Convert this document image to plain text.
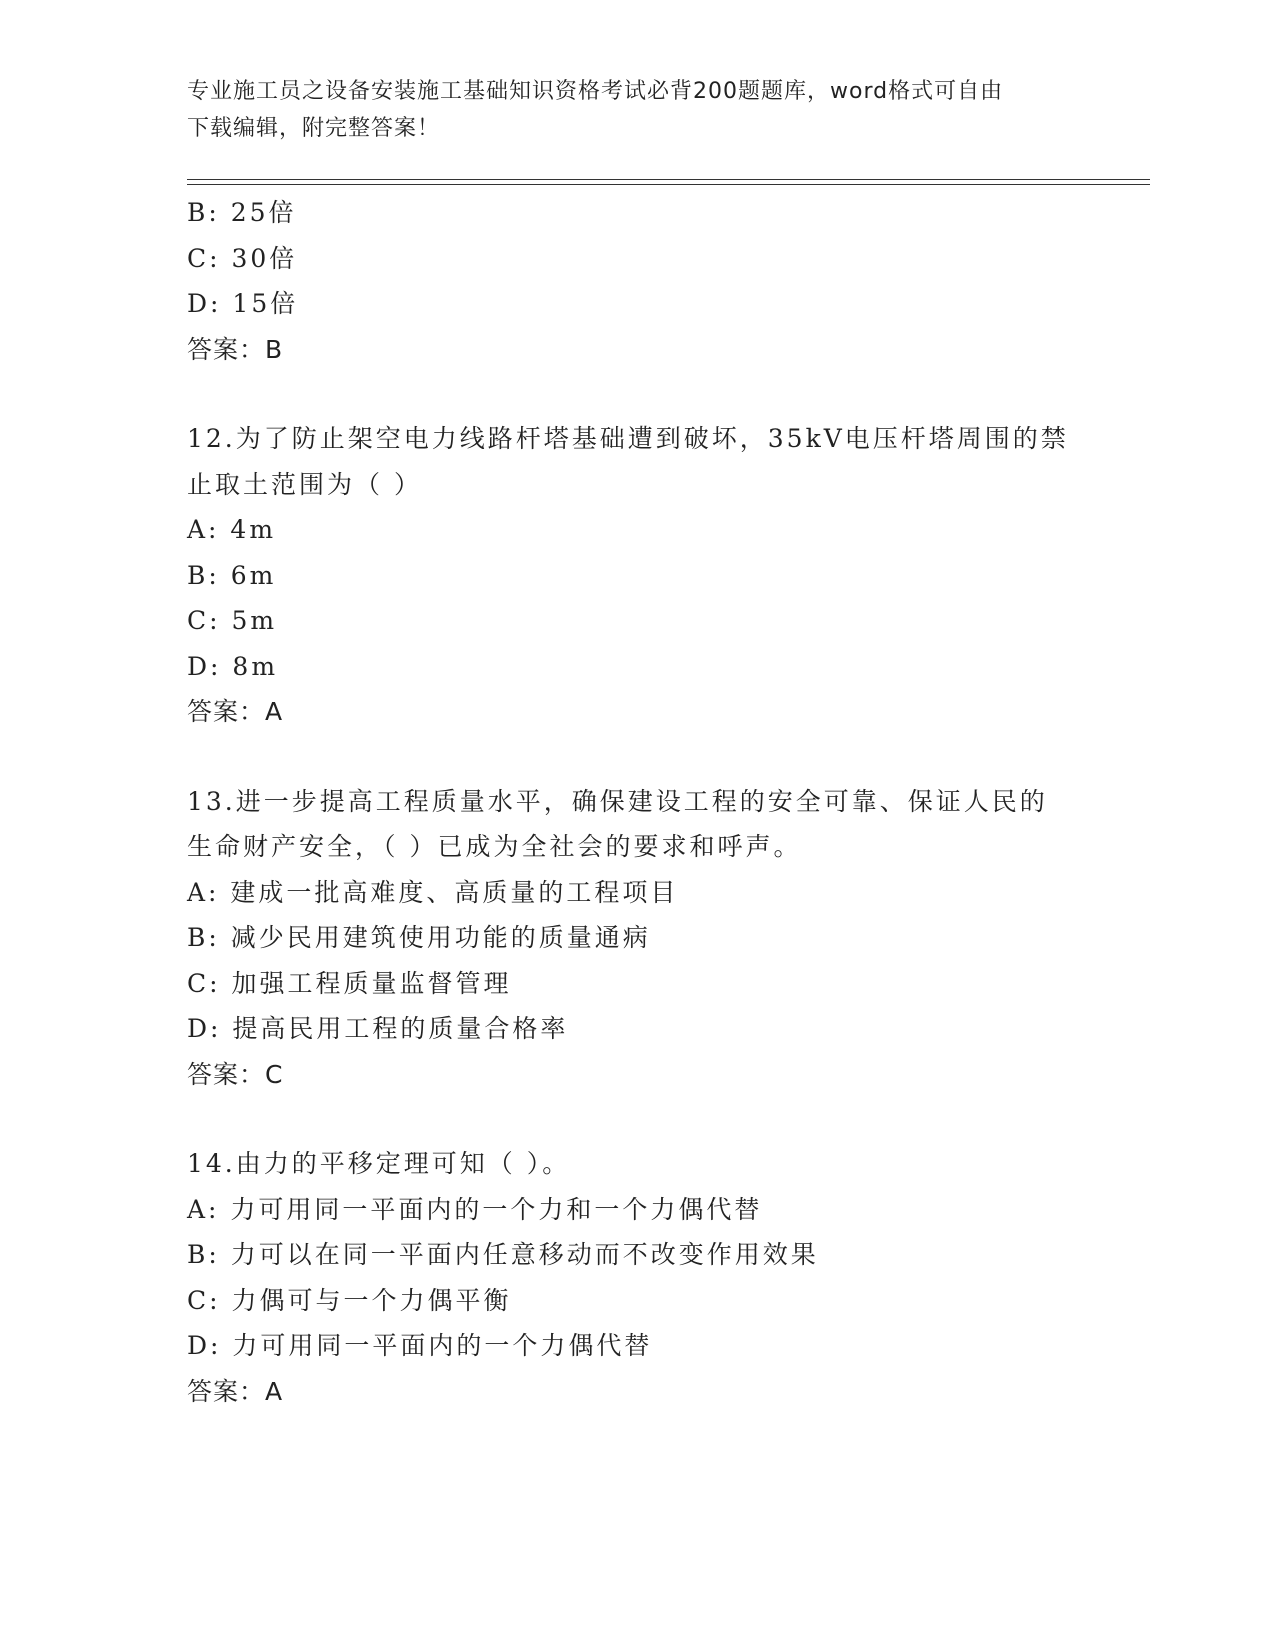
专业施工员之设备安装施工基础知识资格考试必背200题题库，word格式可自由
下载编辑，附完整答案！
B: 25倍
C: 30倍
D: 15倍
答案：B
12.为了防止架空电力线路杆塔基础遭到破坏，35kV电压杆塔周围的禁
止取土范围为（ ）
A: 4m
B: 6m
C: 5m
D: 8m
答案：A
13.进一步提高工程质量水平，确保建设工程的安全可靠、保证人民的
生命财产安全，（ ）已成为全社会的要求和呼声。
A: 建成一批高难度、高质量的工程项目
B: 减少民用建筑使用功能的质量通病
C: 加强工程质量监督管理
D: 提高民用工程的质量合格率
答案：C
14.由力的平移定理可知（ ）。
A: 力可用同一平面内的一个力和一个力偶代替
B: 力可以在同一平面内任意移动而不改变作用效果
C: 力偶可与一个力偶平衡
D: 力可用同一平面内的一个力偶代替
答案：A
